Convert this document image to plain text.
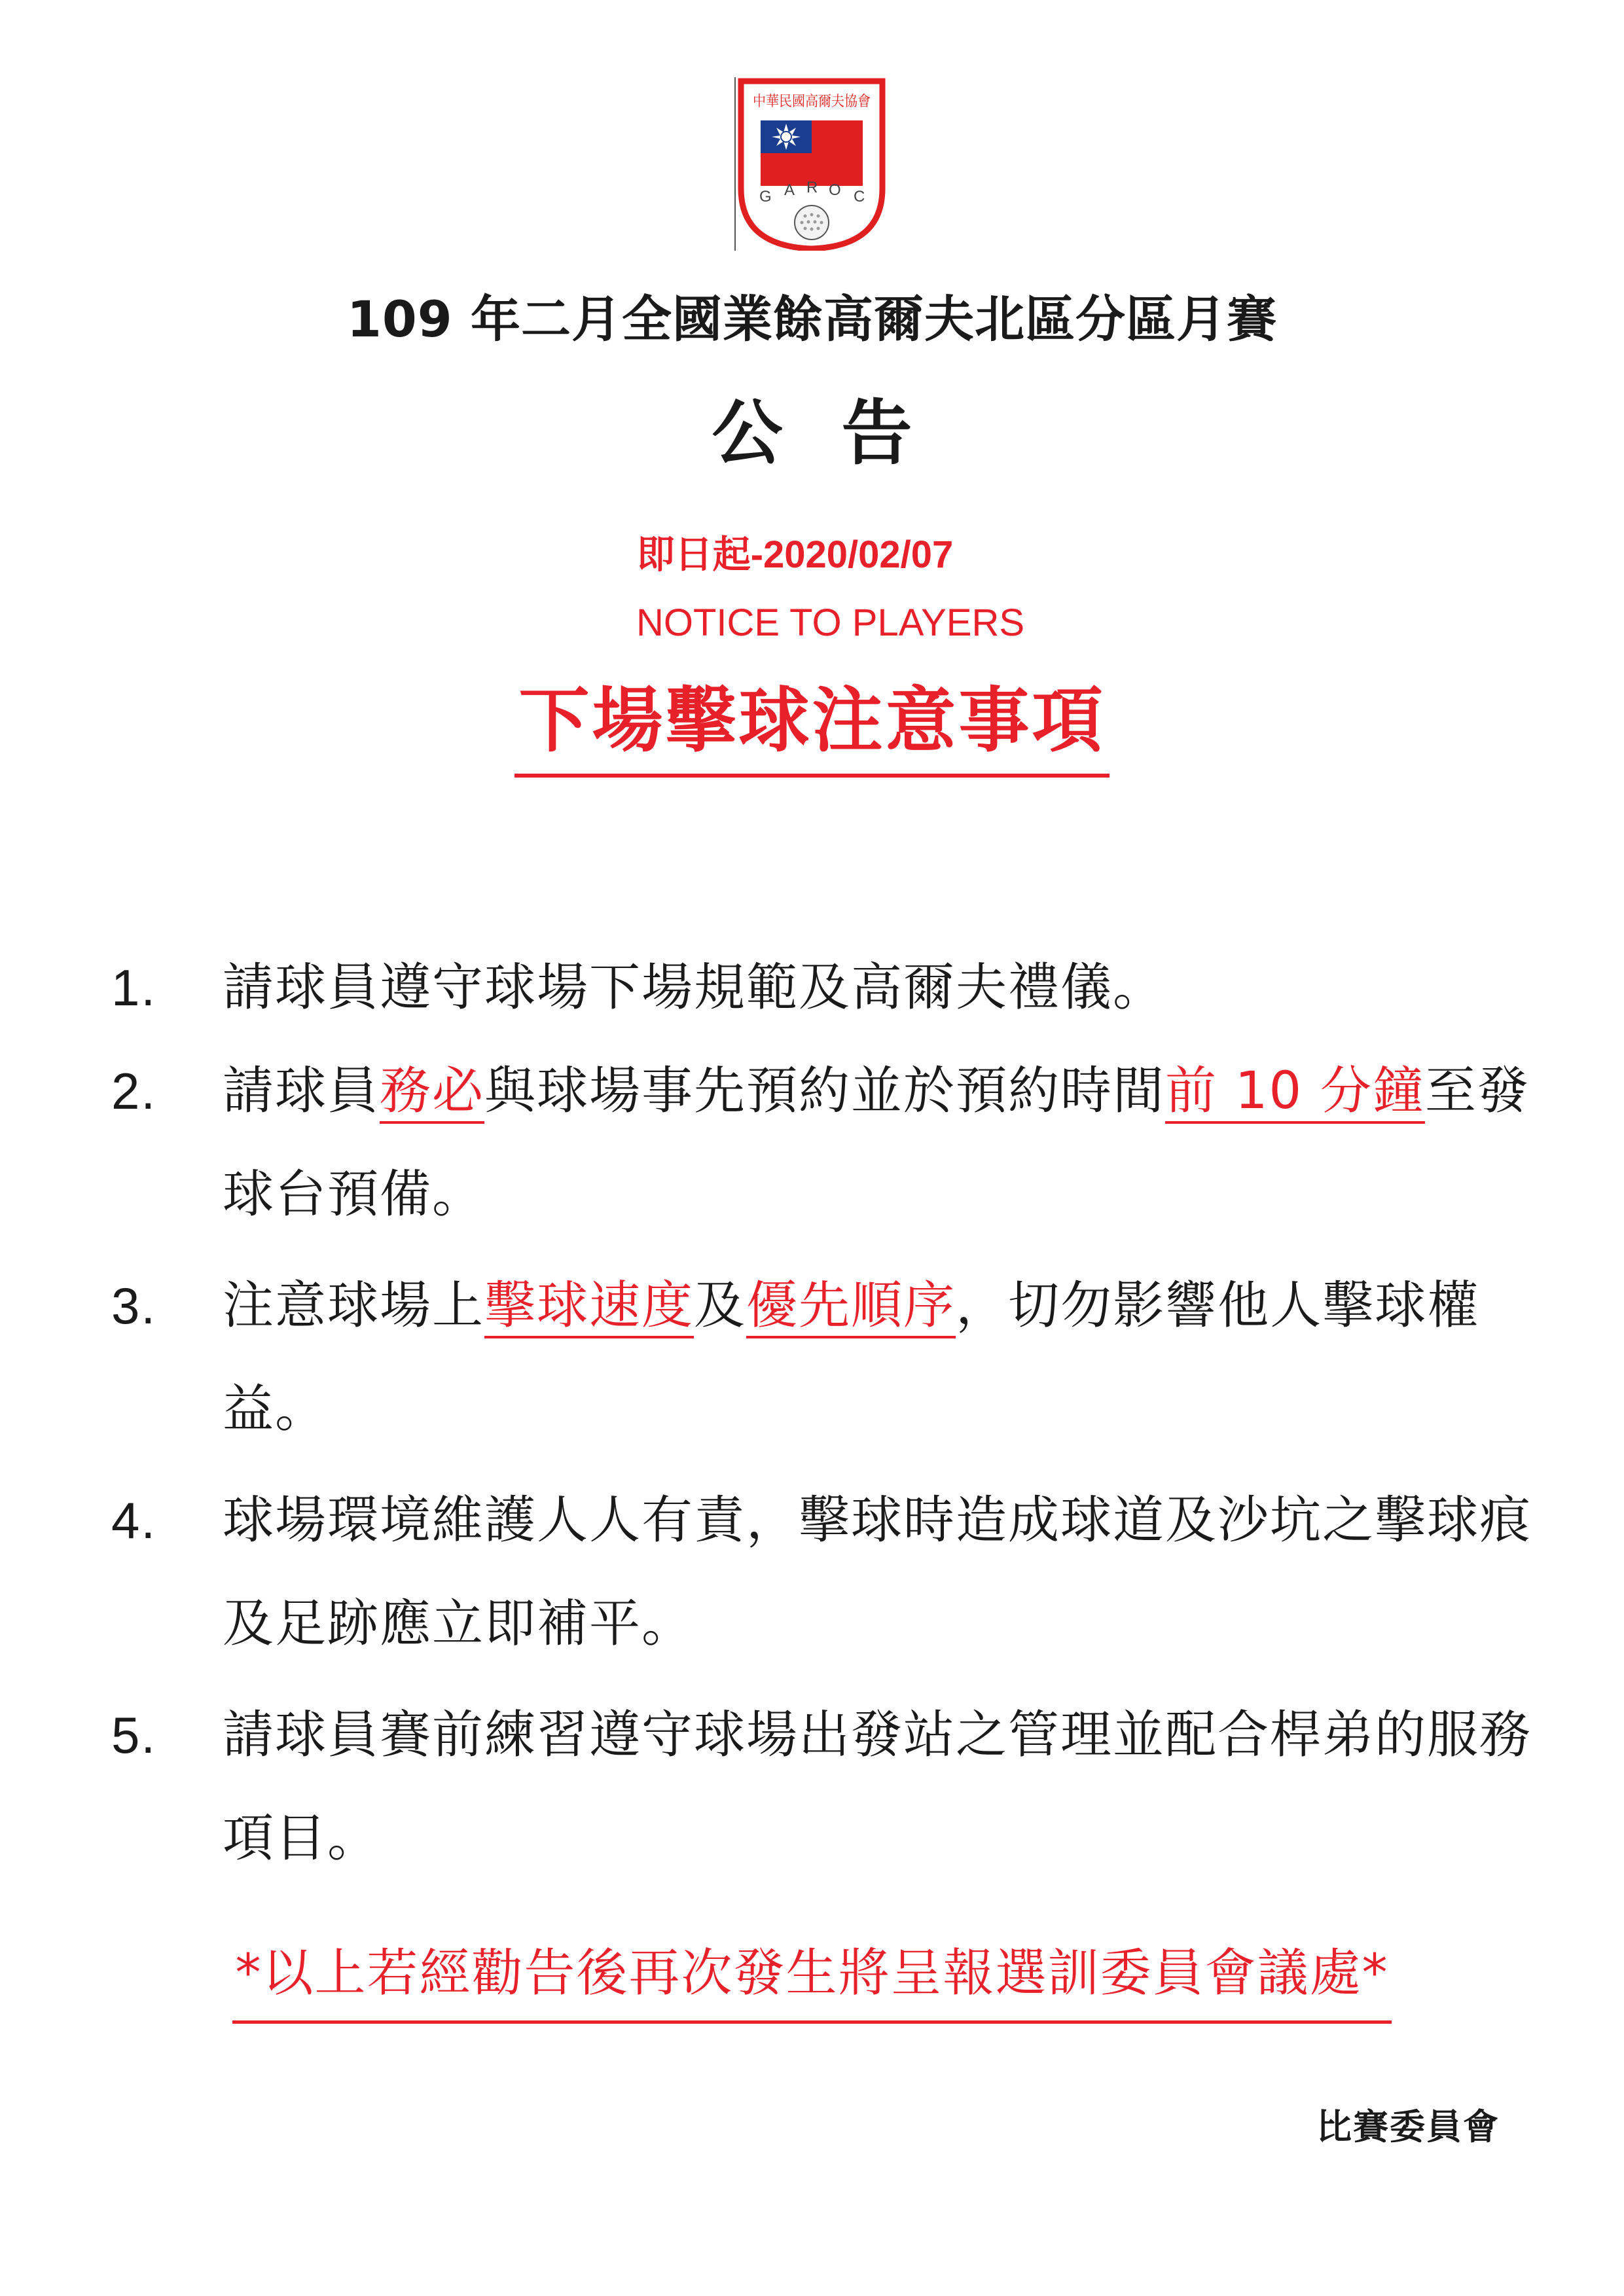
中華民國高爾夫協會
G A R O C
109 年二月全國業餘高爾夫北區分區月賽
公告
即日起-2020/02/07
NOTICE TO PLAYERS
下場擊球注意事項
1. 請球員遵守球場下場規範及高爾夫禮儀。
2. 請球員務必與球場事先預約並於預約時間前 10 分鐘至發球台預備。
3. 注意球場上擊球速度及優先順序，切勿影響他人擊球權益。
4. 球場環境維護人人有責，擊球時造成球道及沙坑之擊球痕及足跡應立即補平。
5. 請球員賽前練習遵守球場出發站之管理並配合桿弟的服務項目。
*以上若經勸告後再次發生將呈報選訓委員會議處*
比賽委員會
